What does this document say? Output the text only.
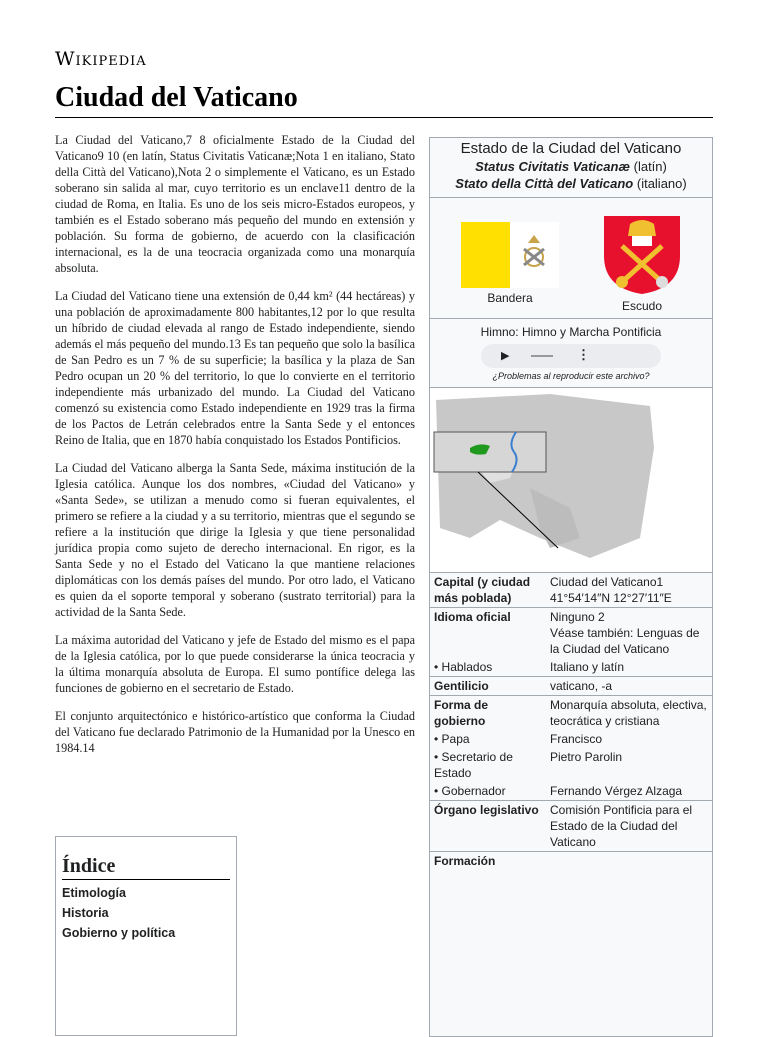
Wikipedia
Ciudad del Vaticano

La Ciudad del Vaticano,7 8 oficialmente Estado de la Ciudad del Vaticano9 10 (en latín, Status Civitatis Vaticanæ;Nota 1 en italiano, Stato della Città del Vaticano),Nota 2 o simplemente el Vaticano, es un Estado soberano sin salida al mar, cuyo territorio es un enclave11 dentro de la ciudad de Roma, en Italia. Es uno de los seis micro-Estados europeos, y también es el Estado soberano más pequeño del mundo en extensión y población. Su forma de gobierno, de acuerdo con la clasificación internacional, es la de una teocracia organizada como una monarquía absoluta.

La Ciudad del Vaticano tiene una extensión de 0,44 km² (44 hectáreas) y una población de aproximadamente 800 habitantes,12 por lo que resulta un híbrido de ciudad elevada al rango de Estado independiente, siendo además el más pequeño del mundo.13 Es tan pequeño que solo la basílica de San Pedro es un 7 % de su superficie; la basílica y la plaza de San Pedro ocupan un 20 % del territorio, lo que lo convierte en el territorio independiente más urbanizado del mundo. La Ciudad del Vaticano comenzó su existencia como Estado independiente en 1929 tras la firma de los Pactos de Letrán celebrados entre la Santa Sede y el entonces Reino de Italia, que en 1870 había conquistado los Estados Pontificios.

La Ciudad del Vaticano alberga la Santa Sede, máxima institución de la Iglesia católica. Aunque los dos nombres, «Ciudad del Vaticano» y «Santa Sede», se utilizan a menudo como si fueran equivalentes, el primero se refiere a la ciudad y a su territorio, mientras que el segundo se refiere a la institución que dirige la Iglesia y que tiene personalidad jurídica propia como sujeto de derecho internacional. En rigor, es la Santa Sede y no el Estado del Vaticano la que mantiene relaciones diplomáticas con los demás países del mundo. Por otro lado, el Vaticano es quien da el soporte temporal y soberano (sustrato territorial) para la actividad de la Santa Sede.

La máxima autoridad del Vaticano y jefe de Estado del mismo es el papa de la Iglesia católica, por lo que puede considerarse la única teocracia y la última monarquía absoluta de Europa. El sumo pontífice delega las funciones de gobierno en el secretario de Estado.

El conjunto arquitectónico e histórico-artístico que conforma la Ciudad del Vaticano fue declarado Patrimonio de la Humanidad por la Unesco en 1984.14

Índice
Etimología
Historia
Gobierno y política
Estado de la Ciudad del Vaticano
Status Civitatis Vaticanæ (latín)
Stato della Città del Vaticano (italiano)
Bandera
Escudo
Himno: Himno y Marcha Pontificia
▶	⋮
¿Problemas al reproducir este archivo?
Capital (y ciudad más poblada)	Ciudad del Vaticano1
41°54′14″N 12°27′11″E
Idioma oficial	Ninguno 2
Véase también: Lenguas de la Ciudad del Vaticano
• Hablados	Italiano y latín
Gentilicio	vaticano, -a
Forma de gobierno	Monarquía absoluta, electiva, teocrática y cristiana
• Papa	Francisco
• Secretario de Estado	Pietro Parolin
• Gobernador	Fernando Vérgez Alzaga
Órgano legislativo	Comisión Pontificia para el Estado de la Ciudad del Vaticano
Formación	
